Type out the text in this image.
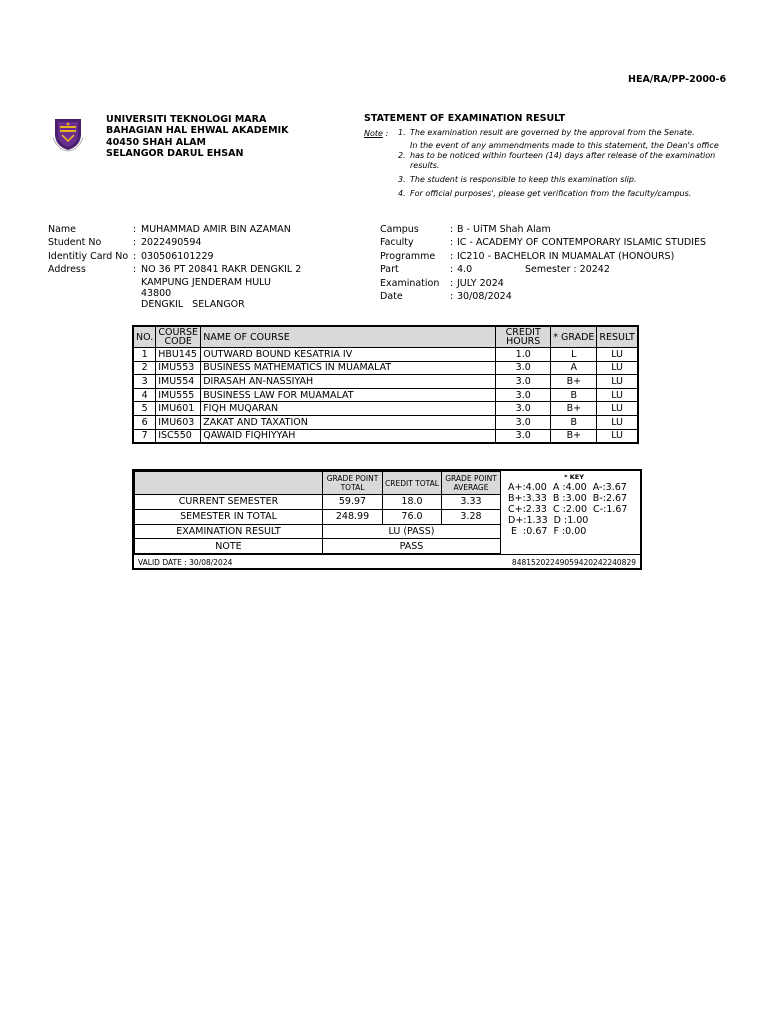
HEA/RA/PP-2000-6
UNIVERSITI TEKNOLOGI MARA
BAHAGIAN HAL EHWAL AKADEMIK
40450 SHAH ALAM
SELANGOR DARUL EHSAN
STATEMENT OF EXAMINATION RESULT
Note : 1. The examination result are governed by the approval from the Senate.
2.
In the event of any ammendments made to this statement, the Dean's office has to be noticed within fourteen (14) days after release of the examination results.
3. The student is responsible to keep this examination slip.
4. For official purposes', please get verification from the faculty/campus.
Name	:	MUHAMMAD AMIR BIN AZAMAN
Student No	:	2022490594
Identitiy Card No	:	030506101229
Address	:	NO 36 PT 20841 RAKR DENGKIL 2
KAMPUNG JENDERAM HULU
43800
DENGKIL   SELANGOR
Campus	:	B - UiTM Shah Alam
Faculty	:	IC - ACADEMY OF CONTEMPORARY ISLAMIC STUDIES
Programme	:	IC210 - BACHELOR IN MUAMALAT (HONOURS)
Part	:	4.0 Semester : 20242
Examination	:	JULY 2024
Date	:	30/08/2024
NO.	COURSE CODE	NAME OF COURSE	CREDIT HOURS	* GRADE	RESULT
1	HBU145	OUTWARD BOUND KESATRIA IV	1.0	L	LU
2	IMU553	BUSINESS MATHEMATICS IN MUAMALAT	3.0	A	LU
3	IMU554	DIRASAH AN-NASSIYAH	3.0	B+	LU
4	IMU555	BUSINESS LAW FOR MUAMALAT	3.0	B	LU
5	IMU601	FIQH MUQARAN	3.0	B+	LU
6	IMU603	ZAKAT AND TAXATION	3.0	B	LU
7	ISC550	QAWAID FIQHIYYAH	3.0	B+	LU
	GRADE POINT TOTAL	CREDIT TOTAL	GRADE POINT AVERAGE
CURRENT SEMESTER	59.97	18.0	3.33
SEMESTER IN TOTAL	248.99	76.0	3.28
EXAMINATION RESULT	LU (PASS)		
NOTE	PASS		
* KEY
A+:4.00  A :4.00  A-:3.67
B+:3.33  B :3.00  B-:2.67
C+:2.33  C :2.00  C-:1.67
D+:1.33  D :1.00
E  :0.67  F :0.00
VALID DATE : 30/08/2024	84815202249059420242240829
